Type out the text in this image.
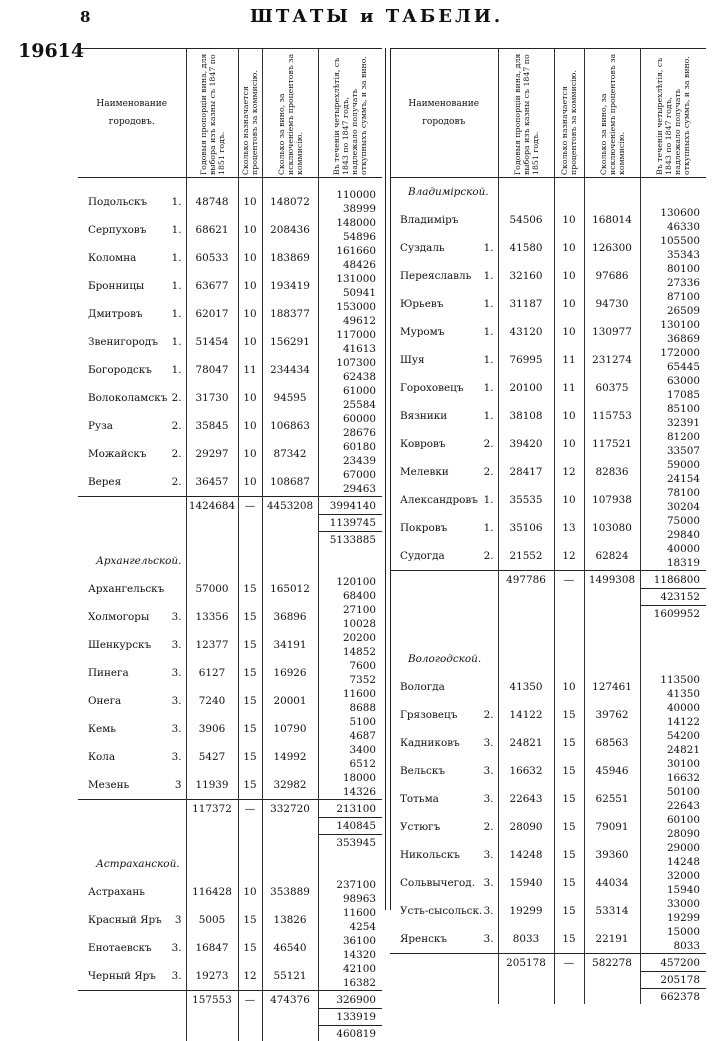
8	ШТАТЫ и ТАБЕЛИ.
19614
Наименование городовъ.	Годовыя пропорціи вина, для выбора изъ казны съ 1847 по 1851 годъ.	Сколько назначается процентовъ за коммисію.	Сколько за вино, за исключеніемъ процентовъ за коммисію.	Въ теченіи четырехлѣтія, съ 1843 по 1847 годъ, надлежало получать откупныхъ суммъ, и за вино.

1.
Подольскъ	48748	10	148072	110000
38999

1.
Серпуховъ	68621	10	208436	148000
54896

1.
Коломна	60533	10	183869	161660
48426

1.
Бронницы	63677	10	193419	131000
50941

1.
Дмитровъ	62017	10	188377	153000
49612

1.
Звенигородъ	51454	10	156291	117000
41613

1.
Богородскъ	78047	11	234434	107300
62438

2.
Волоколамскъ	31730	10	94595	61000
25584

2.
Руза	35845	10	106863	60000
28676

2.
Можайскъ	29297	10	87342	60180
23439

2.
Верея	36457	10	108687	67000
29463

	1424684	—	4453208	3994140
				1139745
				5133885
Архангельской.				

Архангельскъ	57000	15	165012	120100
68400

3.
Холмогоры	13356	15	36896	27100
10028

3.
Шенкурскъ	12377	15	34191	20200
14852

3.
Пинега	6127	15	16926	7600
7352

3.
Онега	7240	15	20001	11600
8688

3.
Кемь	3906	15	10790	5100
4687

3.
Кола	5427	15	14992	3400
6512

3
Мезень	11939	15	32982	18000
14326

	117372	—	332720	213100
				140845
				353945
Астраханской.				

Астрахань	116428	10	353889	237100
98963

3
Красный Яръ	5005	15	13826	11600
4254

3.
Енотаевскъ	16847	15	46540	36100
14320

3.
Черный Яръ	19273	12	55121	42100
16382

	157553	—	474376	326900
				133919
				460819
Наименование городовъ	Годовыя пропорціи вина, для выбора изъ казны съ 1847 по 1851 годъ.	Сколько назначается процентовъ за коммисію.	Сколько за вино, за исключеніемъ процентовъ за коммисію.	Въ теченіи четырехлѣтія, съ 1843 по 1847 годъ, надлежало получать откупныхъ суммъ, и за вино.

Владимірской.				

Владиміръ	54506	10	168014	130600
46330

1.
Суздаль	41580	10	126300	105500
35343

1.
Переяславль	32160	10	97686	80100
27336

1.
Юрьевъ	31187	10	94730	87100
26509

1.
Муромъ	43120	10	130977	130100
36869

1.
Шуя	76995	11	231274	172000
65445

1.
Гороховецъ	20100	11	60375	63000
17085

1.
Вязники	38108	10	115753	85100
32391

2.
Ковровъ	39420	10	117521	81200
33507

2.
Мелевки	28417	12	82836	59000
24154

1.
Александровъ	35535	10	107938	78100
30204

1.
Покровъ	35106	13	103080	75000
29840

2.
Судогда	21552	12	62824	40000
18319

	497786	—	1499308	1186800
				423152
				1609952

Вологодской.				

Вологда	41350	10	127461	113500
41350

2.
Грязовецъ	14122	15	39762	40000
14122

3.
Кадниковъ	24821	15	68563	54200
24821

3.
Вельскъ	16632	15	45946	30100
16632

3.
Тотьма	22643	15	62551	50100
22643

2.
Устюгъ	28090	15	79091	60100
28090

3.
Никольскъ	14248	15	39360	29000
14248

3.
Сольвычегод.	15940	15	44034	32000
15940

3.
Усть-сысольск.	19299	15	53314	33000
19299

3.
Яренскъ	8033	15	22191	15000
8033

	205178	—	582278	457200
				205178
				662378
